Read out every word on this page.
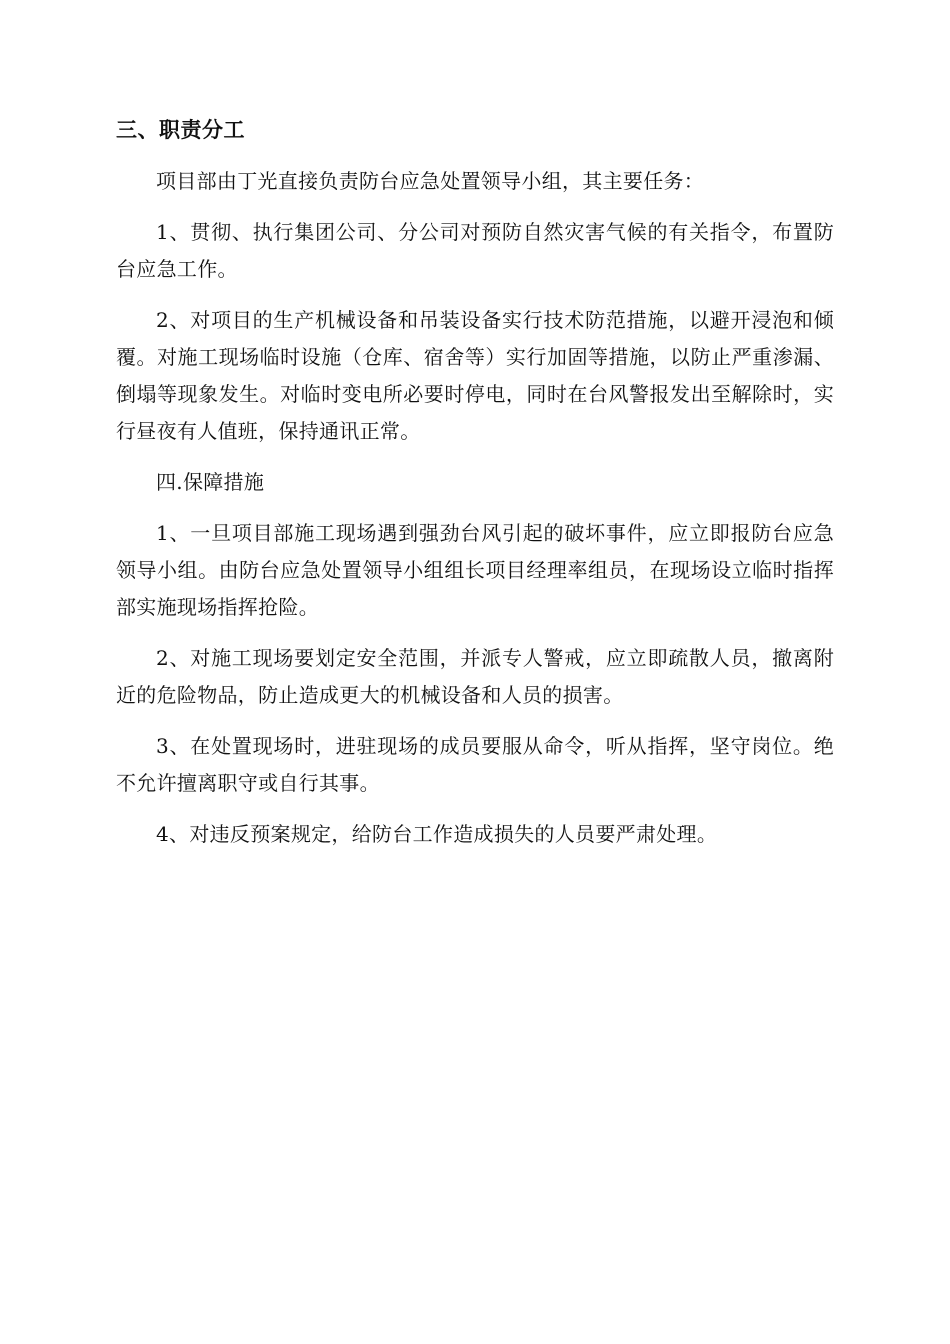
三、职责分工

项目部由丁光直接负责防台应急处置领导小组，其主要任务：

1、贯彻、执行集团公司、分公司对预防自然灾害气候的有关指令，布置防台应急工作。

2、对项目的生产机械设备和吊装设备实行技术防范措施，以避开浸泡和倾覆。对施工现场临时设施（仓库、宿舍等）实行加固等措施，以防止严重渗漏、倒塌等现象发生。对临时变电所必要时停电，同时在台风警报发出至解除时，实行昼夜有人值班，保持通讯正常。

四.保障措施

1、一旦项目部施工现场遇到强劲台风引起的破坏事件，应立即报防台应急领导小组。由防台应急处置领导小组组长项目经理率组员，在现场设立临时指挥部实施现场指挥抢险。

2、对施工现场要划定安全范围，并派专人警戒，应立即疏散人员，撤离附近的危险物品，防止造成更大的机械设备和人员的损害。

3、在处置现场时，进驻现场的成员要服从命令，听从指挥，坚守岗位。绝不允许擅离职守或自行其事。

4、对违反预案规定，给防台工作造成损失的人员要严肃处理。
